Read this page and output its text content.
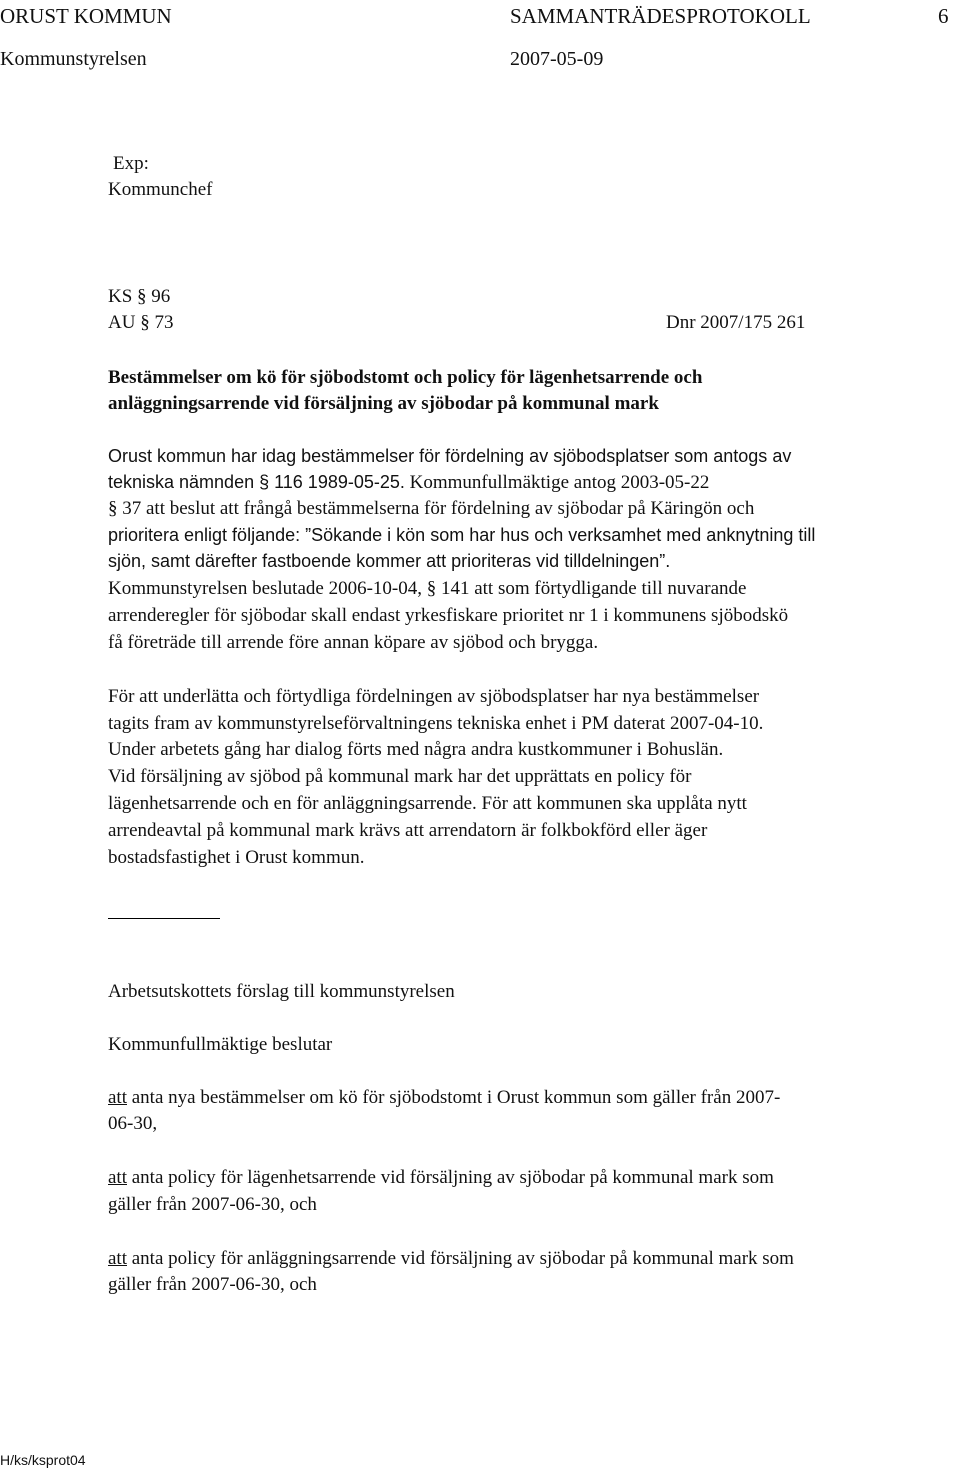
ORUST KOMMUN	SAMMANTRÄDESPROTOKOLL	6
Kommunstyrelsen	2007-05-09
Exp:
Kommunchef
KS § 96
AU § 73	Dnr 2007/175 261
Bestämmelser om kö för sjöbodstomt och policy för lägenhetsarrende och
anläggningsarrende vid försäljning av sjöbodar på kommunal mark
Orust kommun har idag bestämmelser för fördelning av sjöbodsplatser som antogs av
tekniska nämnden § 116 1989-05-25. Kommunfullmäktige antog 2003-05-22
§ 37 att beslut att frångå bestämmelserna för fördelning av sjöbodar på Käringön och
prioritera enligt följande: ”Sökande i kön som har hus och verksamhet med anknytning till
sjön, samt därefter fastboende kommer att prioriteras vid tilldelningen”.
Kommunstyrelsen beslutade 2006-10-04, § 141 att som förtydligande till nuvarande
arrenderegler för sjöbodar skall endast yrkesfiskare prioritet nr 1 i kommunens sjöbodskö
få företräde till arrende före annan köpare av sjöbod och brygga.
För att underlätta och förtydliga fördelningen av sjöbodsplatser har nya bestämmelser
tagits fram av kommunstyrelseförvaltningens tekniska enhet i PM daterat 2007-04-10.
Under arbetets gång har dialog förts med några andra kustkommuner i Bohuslän.
Vid försäljning av sjöbod på kommunal mark har det upprättats en policy för
lägenhetsarrende och en för anläggningsarrende. För att kommunen ska upplåta nytt
arrendeavtal på kommunal mark krävs att arrendatorn är folkbokförd eller äger
bostadsfastighet i Orust kommun.
Arbetsutskottets förslag till kommunstyrelsen
Kommunfullmäktige beslutar
att anta nya bestämmelser om kö för sjöbodstomt i Orust kommun som gäller från 2007-
06-30,
att anta policy för lägenhetsarrende vid försäljning av sjöbodar på kommunal mark som
gäller från 2007-06-30, och
att anta policy för anläggningsarrende vid försäljning av sjöbodar på kommunal mark som
gäller från 2007-06-30, och
H/ks/ksprot04
